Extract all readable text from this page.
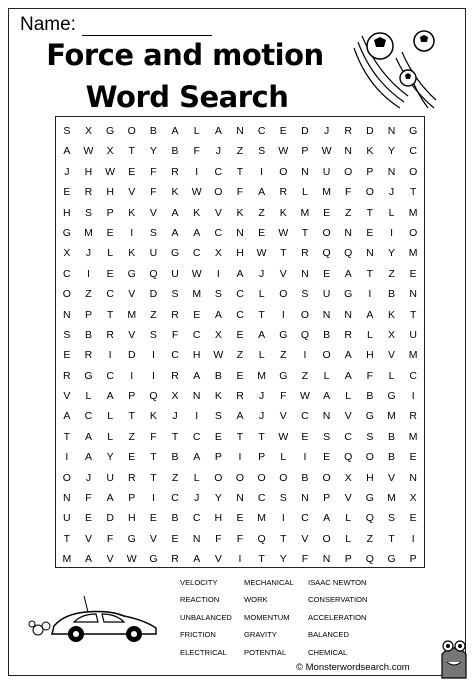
Name:
Force and motion
Word Search
S	X	G	O	B	A	L	A	N	C	E	D	J	R	D	N	G
A	W	X	T	Y	B	F	J	Z	S	W	P	W	N	K	Y	C
J	H	W	E	F	R	I	C	T	I	O	N	U	O	P	N	O
E	R	H	V	F	K	W	O	F	A	R	L	M	F	O	J	T
H	S	P	K	V	A	K	V	K	Z	K	M	E	Z	T	L	M
G	M	E	I	S	A	A	C	N	E	W	T	O	N	E	I	O
X	J	L	K	U	G	C	X	H	W	T	R	Q	Q	N	Y	M
C	I	E	G	Q	U	W	I	A	J	V	N	E	A	T	Z	E
O	Z	C	V	D	S	M	S	C	L	O	S	U	G	I	B	N
N	P	T	M	Z	R	E	A	C	T	I	O	N	N	A	K	T
S	B	R	V	S	F	C	X	E	A	G	Q	B	R	L	X	U
E	R	I	D	I	C	H	W	Z	L	Z	I	O	A	H	V	M
R	G	C	I	I	R	A	B	E	M	G	Z	L	A	F	L	C
V	L	A	P	Q	X	N	K	R	J	F	W	A	L	B	G	I
A	C	L	T	K	J	I	S	A	J	V	C	N	V	G	M	R
T	A	L	Z	F	T	C	E	T	T	W	E	S	C	S	B	M
I	A	Y	E	T	B	A	P	I	P	L	I	E	Q	O	B	E
O	J	U	R	T	Z	L	O	O	O	O	B	O	X	H	V	N
N	F	A	P	I	C	J	Y	N	C	S	N	P	V	G	M	X
U	E	D	H	E	B	C	H	E	M	I	C	A	L	Q	S	E
T	V	F	G	V	E	N	F	F	Q	T	V	O	L	Z	T	I
M	A	V	W	G	R	A	V	I	T	Y	F	N	P	Q	G	P
VELOCITY	MECHANICAL	ISAAC NEWTON
REACTION	WORK	CONSERVATION
UNBALANCED	MOMENTUM	ACCELERATION
FRICTION	GRAVITY	BALANCED
ELECTRICAL	POTENTIAL	CHEMICAL
© Monsterwordsearch.com
